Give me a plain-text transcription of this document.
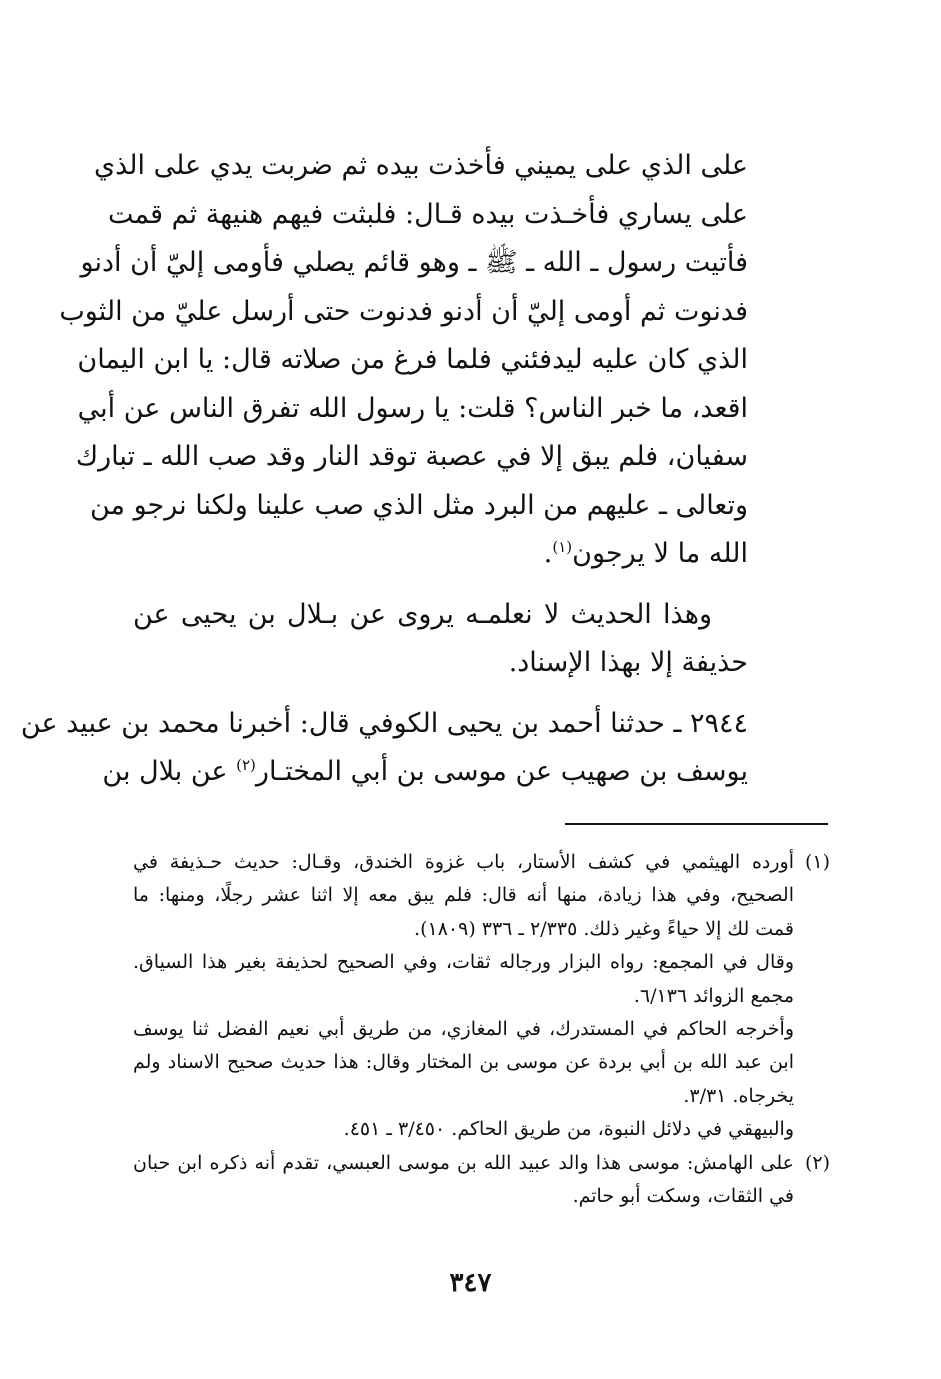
على الذي على يميني فأخذت بيده ثم ضربت يدي على الذي
على يساري فأخـذت بيده قـال: فلبثت فيهم هنيهة ثم قمت
فأتيت رسول ـ الله ـ ﷺ ـ وهو قائم يصلي فأومى إليّ أن أدنو
فدنوت ثم أومى إليّ أن أدنو فدنوت حتى أرسل عليّ من الثوب
الذي كان عليه ليدفئني فلما فرغ من صلاته قال: يا ابن اليمان
اقعد، ما خبر الناس؟ قلت: يا رسول الله تفرق الناس عن أبي
سفيان، فلم يبق إلا في عصبة توقد النار وقد صب الله ـ تبارك
وتعالى ـ عليهم من البرد مثل الذي صب علينا ولكنا نرجو من
الله ما لا يرجون$^{(١)}$.
وهذا الحديث لا نعلمـه يروى عن بـلال بن يحيى عن
حذيفة إلا بهذا الإسناد.
٢٩٤٤ ـ حدثنا أحمد بن يحيى الكوفي قال: أخبرنا محمد بن عبيد عن
يوسف بن صهيب عن موسى بن أبي المختـار$^{(٢)}$ عن بلال بن
(١)أورده الهيثمي في كشف الأستار، باب غزوة الخندق، وقـال: حديث حـذيفة في
الصحيح، وفي هذا زيادة، منها أنه قال: فلم يبق معه إلا اثنا عشر رجلًا، ومنها: ما
قمت لك إلا حياءً وغير ذلك. ٢/٣٣٥ ـ ٣٣٦ (١٨٠٩).
وقال في المجمع: رواه البزار ورجاله ثقات، وفي الصحيح لحذيفة بغير هذا السياق.
مجمع الزوائد ٦/١٣٦.
وأخرجه الحاكم في المستدرك، في المغازي، من طريق أبي نعيم الفضل ثنا يوسف
ابن عبد الله بن أبي بردة عن موسى بن المختار وقال: هذا حديث صحيح الاسناد ولم
يخرجاه. ٣/٣١.
والبيهقي في دلائل النبوة، من طريق الحاكم. ٣/٤٥٠ ـ ٤٥١.
(٢)على الهامش: موسى هذا والد عبيد الله بن موسى العبسي، تقدم أنه ذكره ابن حبان
في الثقات، وسكت أبو حاتم.
٣٤٧
